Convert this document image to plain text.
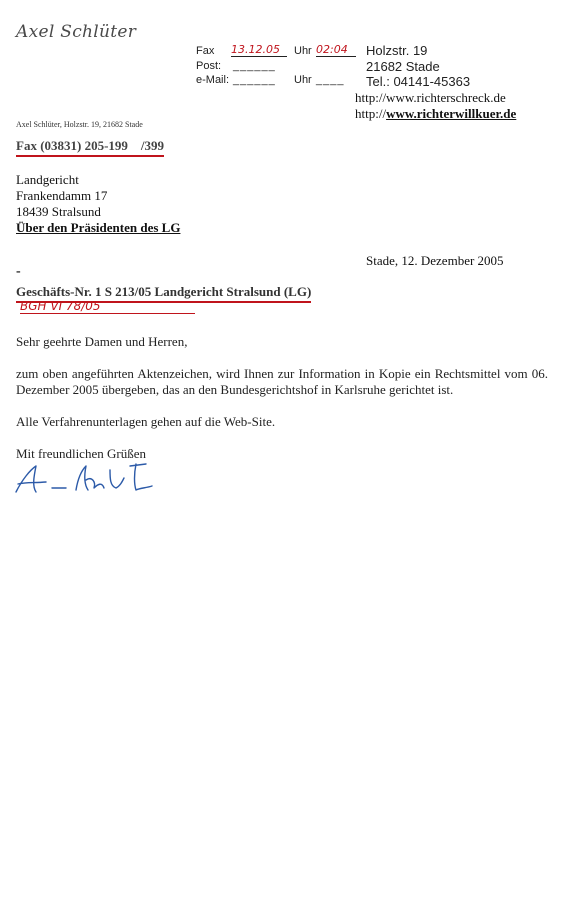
Axel Schlüter
Fax 13.12.05	Uhr 02:04
Post: ______
e-Mail: ______ Uhr ____
Holzstr. 19
21682 Stade
Tel.: 04141-45363
http://www.richterschreck.de
http://www.richterwillkuer.de
Axel Schlüter, Holzstr. 19, 21682 Stade
Fax (03831) 205-199    /399
Landgericht
Frankendamm 17
18439 Stralsund
Über den Präsidenten des LG
Stade, 12. Dezember 2005
-
Geschäfts-Nr. 1 S 213/05 Landgericht Stralsund (LG)
BGH VI 78/05
Sehr geehrte Damen und Herren,
zum oben angeführten Aktenzeichen, wird Ihnen zur Information in Kopie ein Rechtsmittel vom 06. Dezember 2005 übergeben, das an den Bundesgerichtshof in Karlsruhe gerichtet ist.
Alle Verfahrenunterlagen gehen auf die Web-Site.
Mit freundlichen Grüßen
